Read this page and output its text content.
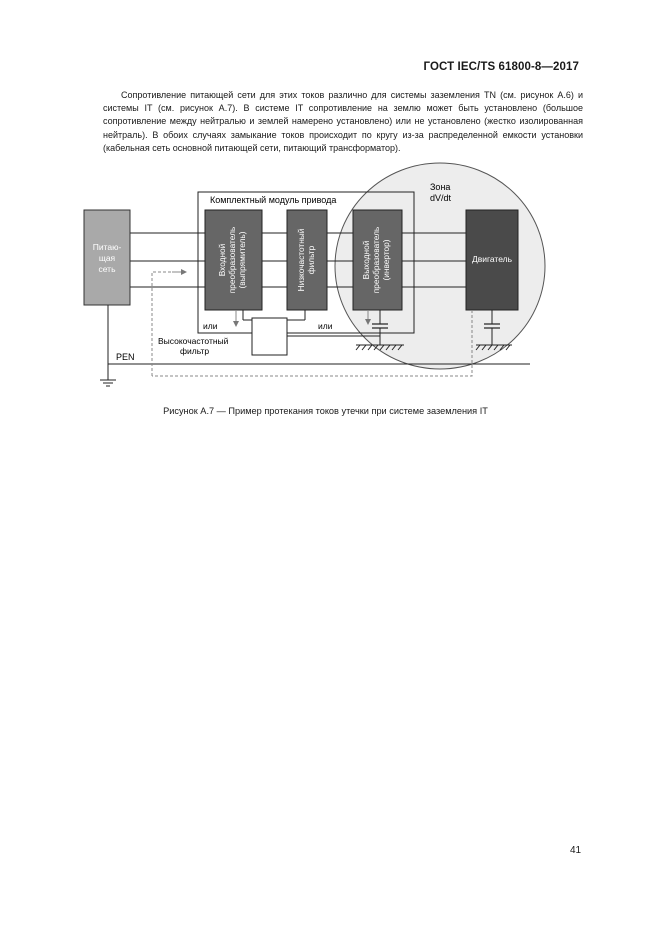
ГОСТ IEC/TS 61800-8—2017

Сопротивление питающей сети для этих токов различно для системы заземления TN (см. рисунок А.6) и системы IT (см. рисунок А.7). В системе IT сопротивление на землю может быть установлено (большое сопротивление между нейтралью и землей намерено установлено) или не установлено (жестко изолированная нейтраль). В обоих случаях замыкание токов происходит по кругу из-за распределенной емкости установки (кабельная сеть основной питающей сети, питающий трансформатор).

Комплектный модуль привода
Зона
dV/dt
Питаю-
щая
сеть	Входной преобразователь (выпрямитель)	Низкочастотный фильтр	Выходной преобразователь (инвертор)	Двигатель
PEN
или	или
Высокочастотный
фильтр
Рисунок А.7 — Пример протекания токов утечки при системе заземления IT
41
